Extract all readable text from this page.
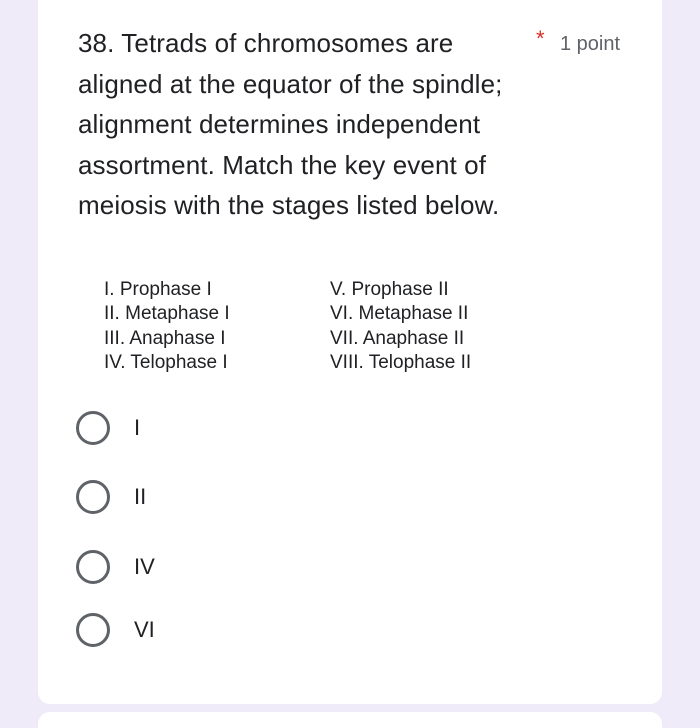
38. Tetrads of chromosomes are aligned at the equator of the spindle; alignment determines independent assortment. Match the key event of meiosis with the stages listed below.
* 1 point
I. Prophase I
II. Metaphase I
III. Anaphase I
IV. Telophase I
V. Prophase II
VI. Metaphase II
VII. Anaphase II
VIII. Telophase II
I
II
IV
VI
